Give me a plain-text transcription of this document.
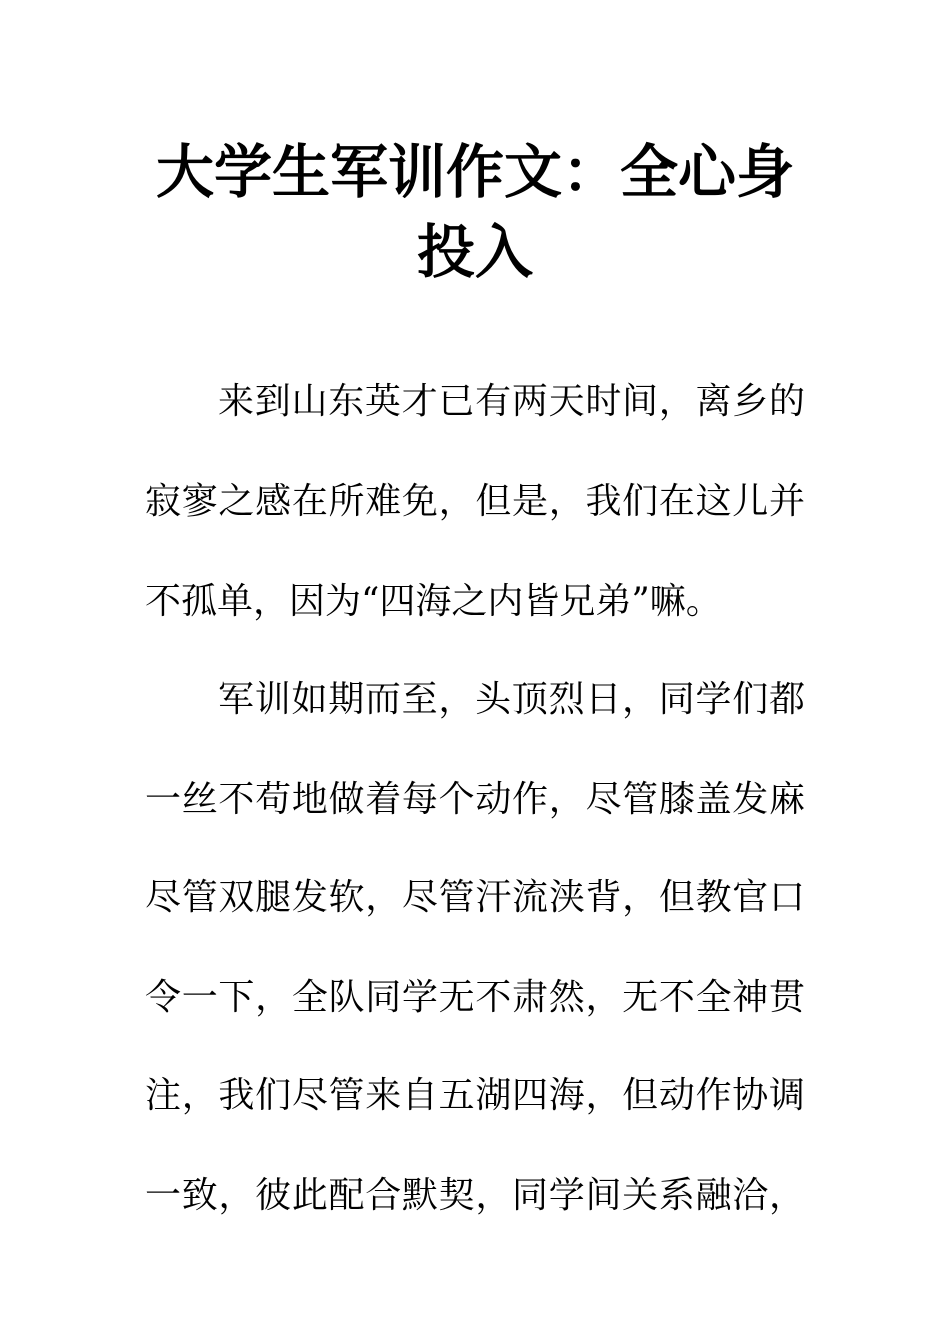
大学生军训作文：全心身
投入

来到山东英才已有两天时间，离乡的

寂寥之感在所难免，但是，我们在这儿并

不孤单，因为“四海之内皆兄弟”嘛。

军训如期而至，头顶烈日，同学们都

一丝不苟地做着每个动作，尽管膝盖发麻

尽管双腿发软，尽管汗流浃背，但教官口

令一下，全队同学无不肃然，无不全神贯

注，我们尽管来自五湖四海，但动作协调

一致，彼此配合默契，同学间关系融洽，
